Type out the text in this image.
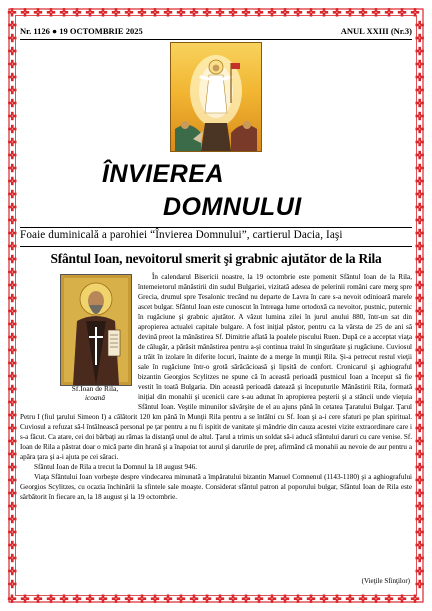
Nr. 1126 ● 19 OCTOMBRIE 2025	ANUL XXIII (Nr.3)
ÎNVIEREA
DOMNULUI
Foaie duminicală a parohiei “Învierea Domnului”, cartierul Dacia, Iaşi
Sfântul Ioan, nevoitorul smerit şi grabnic ajutător de la Rila
Sf.Ioan de Rila,
icoană

În calendarul Bisericii noastre, la 19 octombrie este pomenit Sfântul Ioan de la Rila, întemeietorul mănăstirii din sudul Bulgariei, vizitată adesea de pelerinii români care merg spre Grecia, drumul spre Tesalonic trecând nu departe de Lavra în care s-a nevoit odinioară marele ascet bulgar. Sfântul Ioan este cunoscut în întreaga lume ortodoxă ca nevoitor, pustnic, puternic în rugăciune şi grabnic ajutător. A văzut lumina zilei în jurul anului 880, într-un sat din apropierea actualei capitale bulgare. A fost iniţial păstor, pentru ca la vârsta de 25 de ani să devină preot la mănăstirea Sf. Dimitrie aflată la poalele piscului Ruen. După ce a acceptat viaţa de călugăr, a părăsit mănăstirea pentru a-şi continua traiul în singurătate şi rugăciune. Cuviosul a trăit în izolare în diferite locuri, înainte de a merge în munţii Rila. Şi-a petrecut restul vieţii sale în rugăciune într-o grotă sărăcăcioasă şi lipsită de confort. Cronicarul şi aghiograful bizantin Georgios Scylitzes ne spune că în această perioadă pustnicul Ioan a început să fie vestit în toată Bulgaria. Din această perioadă datează şi începuturile Mănăstirii Rila, formată iniţial din monahii şi ucenicii care s-au adunat în apropierea peşterii şi a stâncii unde vieţuia Sfântul Ioan. Veştile minunilor săvârşite de el au ajuns până în cetatea Ţaratului Bulgar. Ţarul Petru I (fiul ţarului Simeon I) a călătorit 120 km până în Munţii Rila pentru a se întâlni cu Sf. Ioan şi a-i cere sfaturi pe plan spiritual. Cuviosul a refuzat să-l întâlnească personal pe ţar pentru a nu fi ispitit de vanitate şi mândrie din cauza acestei vizite extraordinare care i s-a făcut. Ca atare, cei doi bărbaţi au rămas la distanţă unul de altul. Ţarul a trimis un soldat să-i aducă sfântului daruri cu care venise. Sf. Ioan de Rila a păstrat doar o mică parte din hrană şi a înapoiat tot aurul şi darurile de preţ, afirmând că monahii au nevoie de aur pentru a apăra ţara şi a-i ajuta pe cei săraci.

Sfântul Ioan de Rila a trecut la Domnul la 18 august 946.

Viaţa Sfântului Ioan vorbeşte despre vindecarea minunată a împăratului bizantin Manuel Comnenul (1143-1180) şi a aghiografului Georgios Scylitzes, cu ocazia închinării la sfintele sale moaşte. Considerat sfântul patron al poporului bulgar, Sfântul Ioan de Rila este sărbătorit în fiecare an, la 18 august şi la 19 octombrie.

(Vieţile Sfinţilor)
